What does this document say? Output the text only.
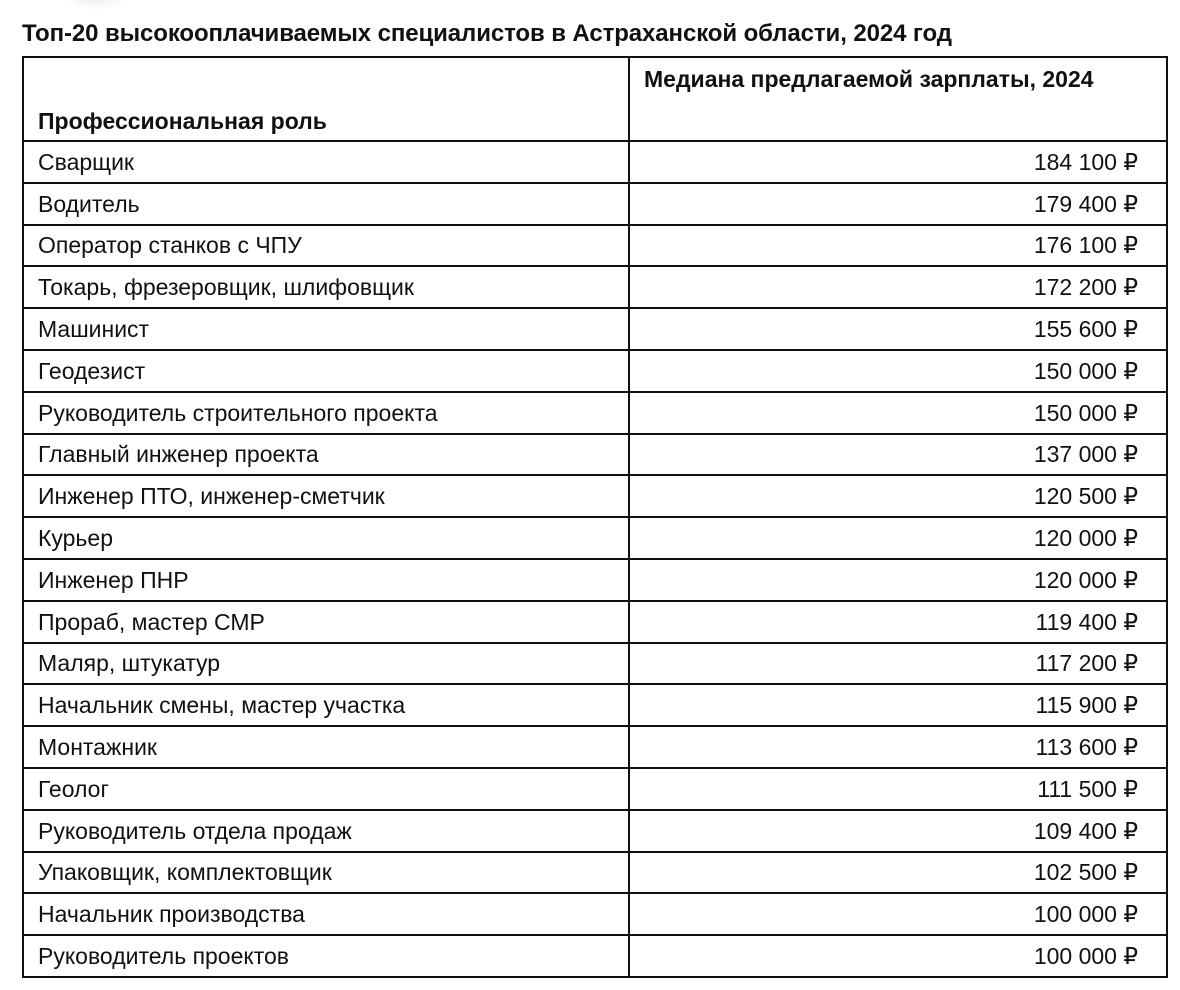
Топ-20 высокооплачиваемых специалистов в Астраханской области, 2024 год
Профессиональная роль	Медиана предлагаемой зарплаты, 2024
Сварщик	184 100 ₽
Водитель	179 400 ₽
Оператор станков с ЧПУ	176 100 ₽
Токарь, фрезеровщик, шлифовщик	172 200 ₽
Машинист	155 600 ₽
Геодезист	150 000 ₽
Руководитель строительного проекта	150 000 ₽
Главный инженер проекта	137 000 ₽
Инженер ПТО, инженер-сметчик	120 500 ₽
Курьер	120 000 ₽
Инженер ПНР	120 000 ₽
Прораб, мастер СМР	119 400 ₽
Маляр, штукатур	117 200 ₽
Начальник смены, мастер участка	115 900 ₽
Монтажник	113 600 ₽
Геолог	111 500 ₽
Руководитель отдела продаж	109 400 ₽
Упаковщик, комплектовщик	102 500 ₽
Начальник производства	100 000 ₽
Руководитель проектов	100 000 ₽
